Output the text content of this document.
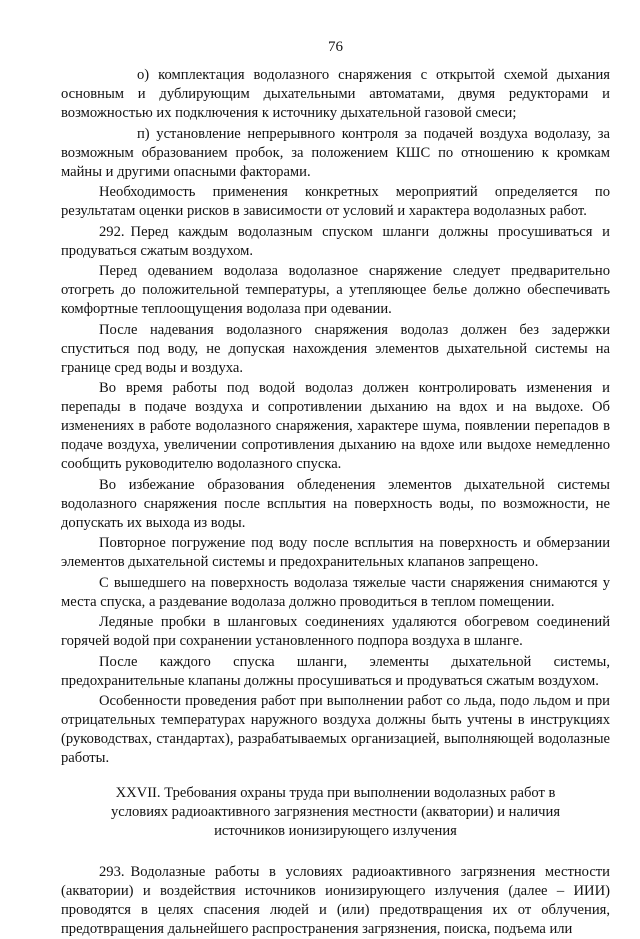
76

о) комплектация водолазного снаряжения с открытой схемой дыхания основным и дублирующим дыхательными автоматами, двумя редукторами и возможностью их подключения к источнику дыхательной газовой смеси;

п) установление непрерывного контроля за подачей воздуха водолазу, за возможным образованием пробок, за положением КШС по отношению к кромкам майны и другими опасными факторами.

Необходимость применения конкретных мероприятий определяется по результатам оценки рисков в зависимости от условий и характера водолазных работ.

292. Перед каждым водолазным спуском шланги должны просушиваться и продуваться сжатым воздухом.

Перед одеванием водолаза водолазное снаряжение следует предварительно отогреть до положительной температуры, а утепляющее белье должно обеспечивать комфортные теплоощущения водолаза при одевании.

После надевания водолазного снаряжения водолаз должен без задержки спуститься под воду, не допуская нахождения элементов дыхательной системы на границе сред воды и воздуха.

Во время работы под водой водолаз должен контролировать изменения и перепады в подаче воздуха и сопротивлении дыханию на вдох и на выдохе. Об изменениях в работе водолазного снаряжения, характере шума, появлении перепадов в подаче воздуха, увеличении сопротивления дыханию на вдохе или выдохе немедленно сообщить руководителю водолазного спуска.

Во избежание образования обледенения элементов дыхательной системы водолазного снаряжения после всплытия на поверхность воды, по возможности, не допускать их выхода из воды.

Повторное погружение под воду после всплытия на поверхность и обмерзании элементов дыхательной системы и предохранительных клапанов запрещено.

С вышедшего на поверхность водолаза тяжелые части снаряжения снимаются у места спуска, а раздевание водолаза должно проводиться в теплом помещении.

Ледяные пробки в шланговых соединениях удаляются обогревом соединений горячей водой при сохранении установленного подпора воздуха в шланге.

После каждого спуска шланги, элементы дыхательной системы, предохранительные клапаны должны просушиваться и продуваться сжатым воздухом.

Особенности проведения работ при выполнении работ со льда, подо льдом и при отрицательных температурах наружного воздуха должны быть учтены в инструкциях (руководствах, стандартах), разрабатываемых организацией, выполняющей водолазные работы.

XXVII. Требования охраны труда при выполнении водолазных работ в
условиях радиоактивного загрязнения местности (акватории) и наличия
источников ионизирующего излучения

293. Водолазные работы в условиях радиоактивного загрязнения местности (акватории) и воздействия источников ионизирующего излучения (далее – ИИИ) проводятся в целях спасения людей и (или) предотвращения их от облучения, предотвращения дальнейшего распространения загрязнения, поиска, подъема или
